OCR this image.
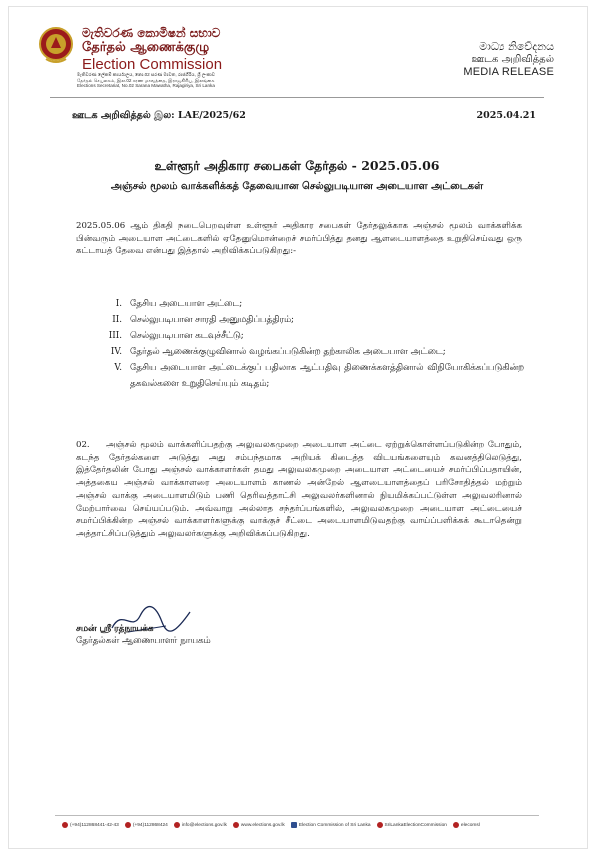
මැතිවරණ කොමිෂන් සභාව
தேர்தல் ஆணைக்குழு
Election Commission
මැතිවරණ ලේකම් කාර්යාලය, නො.02 සරණ මාවත, රාජගිරිය, ශ්‍රී ලංකාව
தேர்தல் செயலகம், இல.02 சரண மாவத்தை, இராஜகிரிய, இலங்கை
Elections Secretariat, No.02 Sarana Mawatha, Rajagiriya, Sri Lanka
මාධ්‍ය නිවේදනය
ஊடக அறிவித்தல்
MEDIA RELEASE
ஊடக அறிவித்தல் இல: LAE/2025/62	2025.04.21
உள்ளூர் அதிகார சபைகள் தேர்தல் - 2025.05.06
அஞ்சல் மூலம் வாக்களிக்கத் தேவையான செல்லுபடியான அடையாள அட்டைகள்
2025.05.06 ஆம் திகதி நடைபெறவுள்ள உள்ளூர் அதிகார சபைகள் தேர்தலுக்காக அஞ்சல் மூலம் வாக்களிக்க பின்வரும் அடையாள அட்டைகளில் ஏதேனுமொன்றைச் சமர்ப்பித்து தனது ஆளடையாளத்தை உறுதிசெய்வது ஒரு கட்டாயத் தேவை என்பது இத்தால் அறிவிக்கப்படுகிறது:-
I. தேசிய அடையாள அட்டை;
II. செல்லுபடியான சாரதி அனுமதிப்பத்திரம்;
III. செல்லுபடியான கடவுச்சீட்டு;
IV. தேர்தல் ஆணைக்குழுவினால் வழங்கப்படுகின்ற தற்காலிக அடையாள அட்டை;
V. தேசிய அடையாள அட்டைக்குப் பதிலாக ஆட்பதிவு திணைக்களத்தினால் விநியோகிக்கப்படுகின்ற தகவல்களை உறுதிசெய்யும் கடிதம்;
02. அஞ்சல் மூலம் வாக்களிப்பதற்கு அலுவலகமுறை அடையாள அட்டை ஏற்றுக்கொள்ளப்படுகின்ற போதும், கடந்த தேர்தல்களை அடுத்து அது சம்பந்தமாக அறியக் கிடைத்த விடயங்களையும் கவனத்திலெடுத்து, இத்தேர்தலின் போது அஞ்சல் வாக்காளர்கள் தமது அலுவலகமுறை அடையாள அட்டையைச் சமர்ப்பிப்பதாயின், அத்தகைய அஞ்சல் வாக்காளரை அடையாளம் காணல் அன்றேல் ஆளடையாளத்தைப் பரிசோதித்தல் மற்றும் அஞ்சல் வாக்கு அடையாளமிடும் பணி தெரிவத்தாட்சி அலுவலர்களினால் நியமிக்கப்பட்டுள்ள அலுவலரினால் மேற்பார்வை செய்யப்படும். அவ்வாறு அல்லாத சந்தர்ப்பங்களில், அலுவலகமுறை அடையாள அட்டையைச் சமர்ப்பிக்கின்ற அஞ்சல் வாக்காளர்களுக்கு வாக்குச் சீட்டை அடையாளமிடுவதற்கு வாய்ப்பளிக்கக் கூடாதென்று அத்தாட்சிப்படுத்தும் அலுவலர்களுக்கு அறிவிக்கப்படுகிறது.
சமன் ஸ்ரீ ரத்நாயக்க
தேர்தல்கள் ஆணையாளர் நாயகம்
(+94)112868441-42-43	(+94)112868424	info@elections.gov.lk	www.elections.gov.lk	Election Commission of Sri Lanka	SriLankaElectionCommission	elecomsl
